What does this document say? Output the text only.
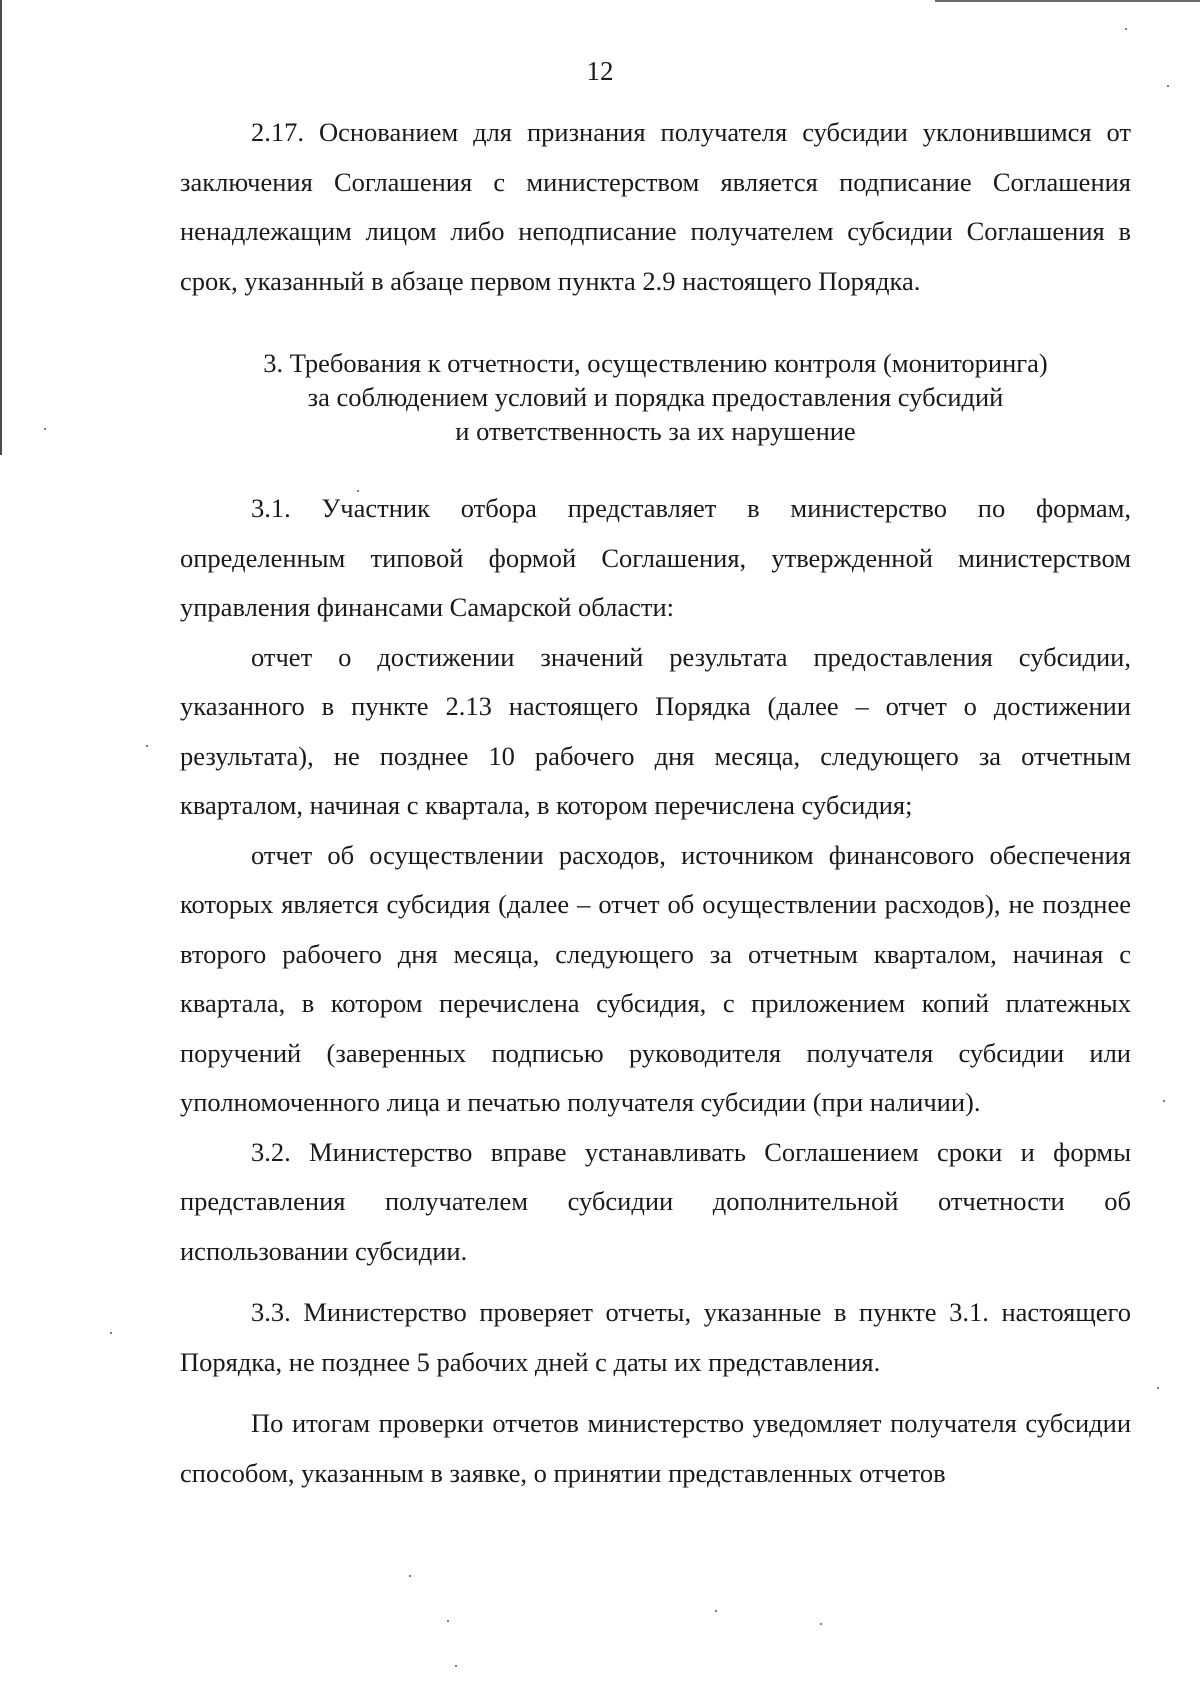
12

2.17. Основанием для признания получателя субсидии уклонившимся от заключения Соглашения с министерством является подписание Соглашения ненадлежащим лицом либо неподписание получателем субсидии Соглашения в срок, указанный в абзаце первом пункта 2.9 настоящего Порядка.

3. Требования к отчетности, осуществлению контроля (мониторинга)
за соблюдением условий и порядка предоставления субсидий
и ответственность за их нарушение

3.1. Участник отбора представляет в министерство по формам, определенным типовой формой Соглашения, утвержденной министерством управления финансами Самарской области:

отчет о достижении значений результата предоставления субсидии, указанного в пункте 2.13 настоящего Порядка (далее – отчет о достижении результата), не позднее 10 рабочего дня месяца, следующего за отчетным кварталом, начиная с квартала, в котором перечислена субсидия;

отчет об осуществлении расходов, источником финансового обеспечения которых является субсидия (далее – отчет об осуществлении расходов), не позднее второго рабочего дня месяца, следующего за отчетным кварталом, начиная с квартала, в котором перечислена субсидия, с приложением копий платежных поручений (заверенных подписью руководителя получателя субсидии или уполномоченного лица и печатью получателя субсидии (при наличии).

3.2. Министерство вправе устанавливать Соглашением сроки и формы представления получателем субсидии дополнительной отчетности об использовании субсидии.

3.3. Министерство проверяет отчеты, указанные в пункте 3.1. настоящего Порядка, не позднее 5 рабочих дней с даты их представления.

По итогам проверки отчетов министерство уведомляет получателя субсидии способом, указанным в заявке, о принятии представленных отчетов
